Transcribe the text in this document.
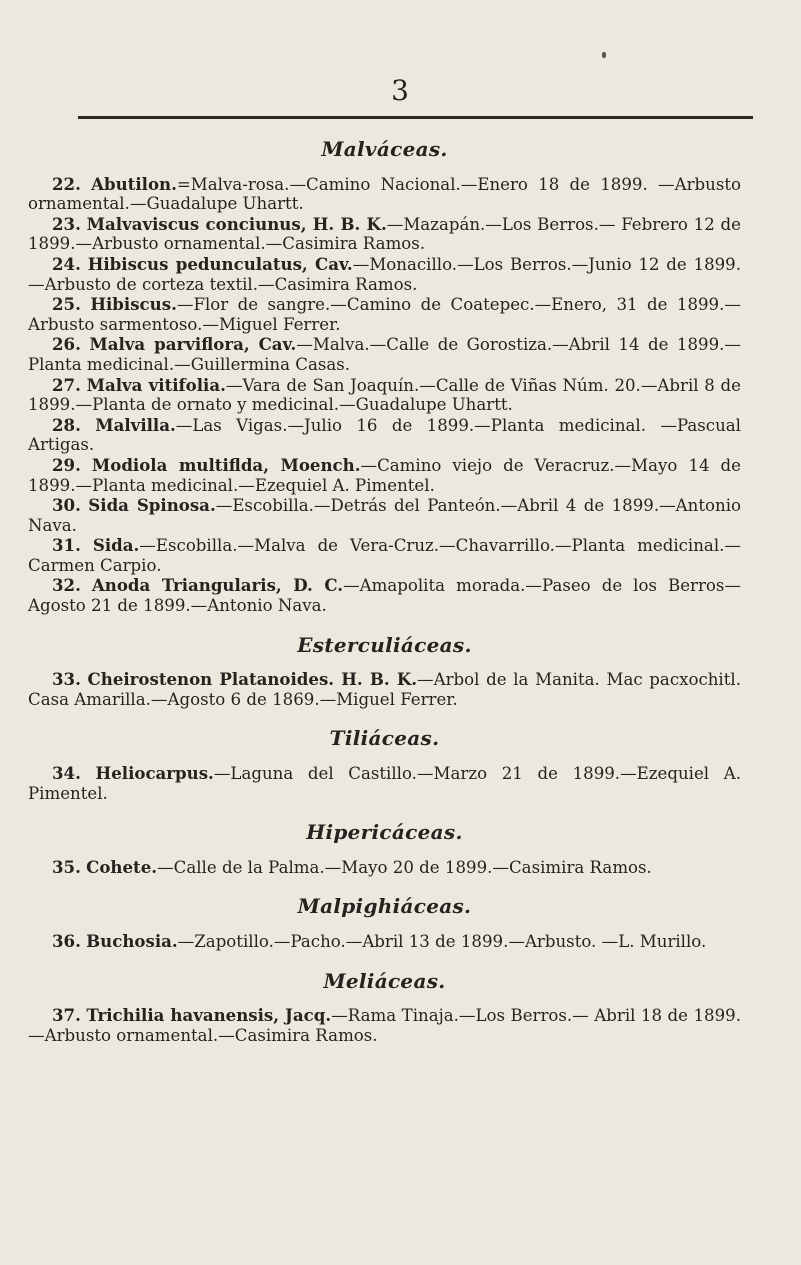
3
Malváceas.

22. Abutilon.=Malva-rosa.—Camino Nacional.—Enero 18 de 1899. —Arbusto ornamental.—Guadalupe Uhartt.

23. Malvaviscus conciunus, H. B. K.—Mazapán.—Los Berros.— Febrero 12 de 1899.—Arbusto ornamental.—Casimira Ramos.

24. Hibiscus pedunculatus, Cav.—Monacillo.—Los Berros.—Junio 12 de 1899.—Arbusto de corteza textil.—Casimira Ramos.

25. Hibiscus.—Flor de sangre.—Camino de Coatepec.—Enero, 31 de 1899.—Arbusto sarmentoso.—Miguel Ferrer.

26. Malva parviflora, Cav.—Malva.—Calle de Gorostiza.—Abril 14 de 1899.—Planta medicinal.—Guillermina Casas.

27. Malva vitifolia.—Vara de San Joaquín.—Calle de Viñas Núm. 20.—Abril 8 de 1899.—Planta de ornato y medicinal.—Guadalupe Uhartt.

28. Malvilla.—Las Vigas.—Julio 16 de 1899.—Planta medicinal. —Pascual Artigas.

29. Modiola multiflda, Moench.—Camino viejo de Veracruz.—Mayo 14 de 1899.—Planta medicinal.—Ezequiel A. Pimentel.

30. Sida Spinosa.—Escobilla.—Detrás del Panteón.—Abril 4 de 1899.—Antonio Nava.

31. Sida.—Escobilla.—Malva de Vera-Cruz.—Chavarrillo.—Planta medicinal.—Carmen Carpio.

32. Anoda Triangularis, D. C.—Amapolita morada.—Paseo de los Berros—Agosto 21 de 1899.—Antonio Nava.

Esterculiáceas.

33. Cheirostenon Platanoides. H. B. K.—Arbol de la Manita. Mac pacxochitl. Casa Amarilla.—Agosto 6 de 1869.—Miguel Ferrer.

Tiliáceas.

34. Heliocarpus.—Laguna del Castillo.—Marzo 21 de 1899.—Ezequiel A. Pimentel.

Hipericáceas.

35. Cohete.—Calle de la Palma.—Mayo 20 de 1899.—Casimira Ramos.

Malpighiáceas.

36. Buchosia.—Zapotillo.—Pacho.—Abril 13 de 1899.—Arbusto. —L. Murillo.

Meliáceas.

37. Trichilia havanensis, Jacq.—Rama Tinaja.—Los Berros.— Abril 18 de 1899.—Arbusto ornamental.—Casimira Ramos.
